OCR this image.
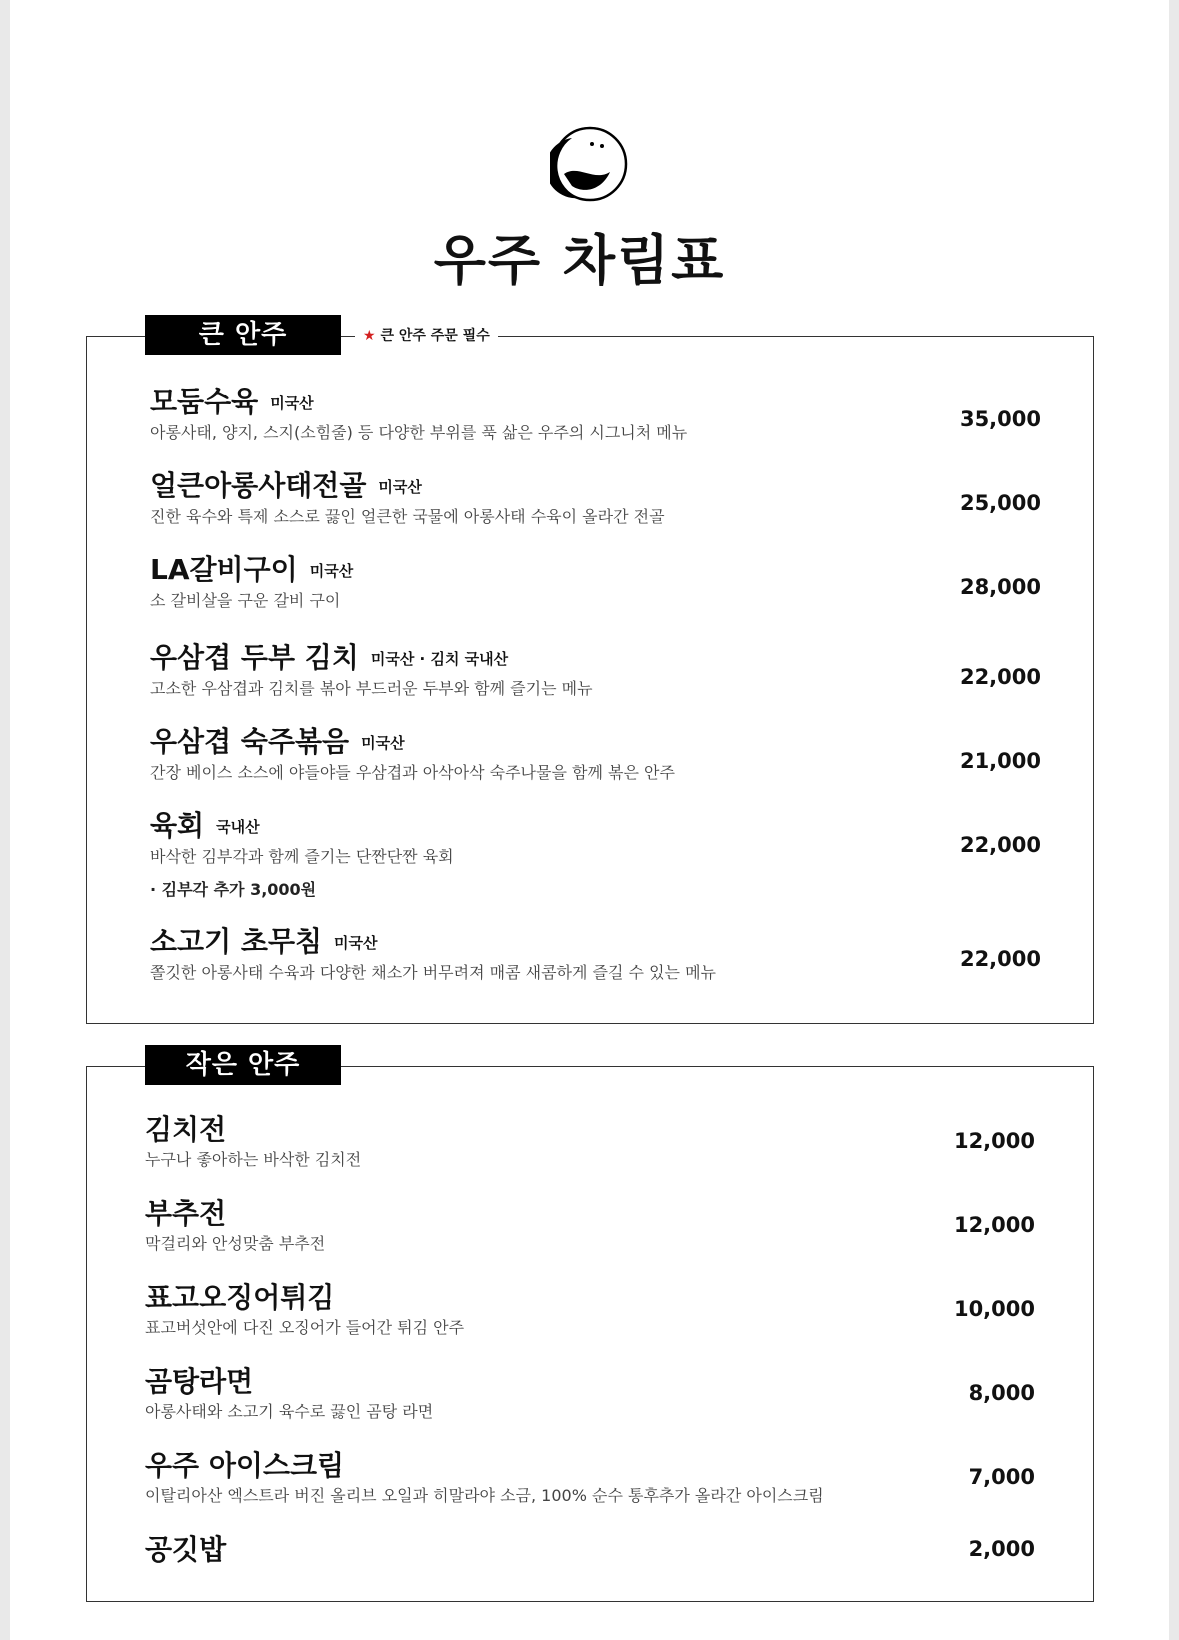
우주 차림표
큰 안주	★ 큰 안주 주문 필수
모둠수육 미국산
아롱사태, 양지, 스지(소힘줄) 등 다양한 부위를 푹 삶은 우주의 시그니처 메뉴
35,000
얼큰아롱사태전골 미국산
진한 육수와 특제 소스로 끓인 얼큰한 국물에 아롱사태 수육이 올라간 전골
25,000
LA갈비구이 미국산
소 갈비살을 구운 갈비 구이
28,000
우삼겹 두부 김치 미국산 · 김치 국내산
고소한 우삼겹과 김치를 볶아 부드러운 두부와 함께 즐기는 메뉴	22,000
우삼겹 숙주볶음 미국산
간장 베이스 소스에 야들야들 우삼겹과 아삭아삭 숙주나물을 함께 볶은 안주	21,000
육회 국내산
바삭한 김부각과 함께 즐기는 단짠단짠 육회
· 김부각 추가 3,000원
22,000
소고기 초무침 미국산
쫄깃한 아롱사태 수육과 다양한 채소가 버무려져 매콤 새콤하게 즐길 수 있는 메뉴
22,000
작은 안주
김치전
누구나 좋아하는 바삭한 김치전
12,000
부추전
막걸리와 안성맞춤 부추전
12,000
표고오징어튀김
표고버섯안에 다진 오징어가 들어간 튀김 안주
10,000
곰탕라면
아롱사태와 소고기 육수로 끓인 곰탕 라면
8,000
우주 아이스크림
이탈리아산 엑스트라 버진 올리브 오일과 히말라야 소금, 100% 순수 통후추가 올라간 아이스크림
7,000
공깃밥	2,000
